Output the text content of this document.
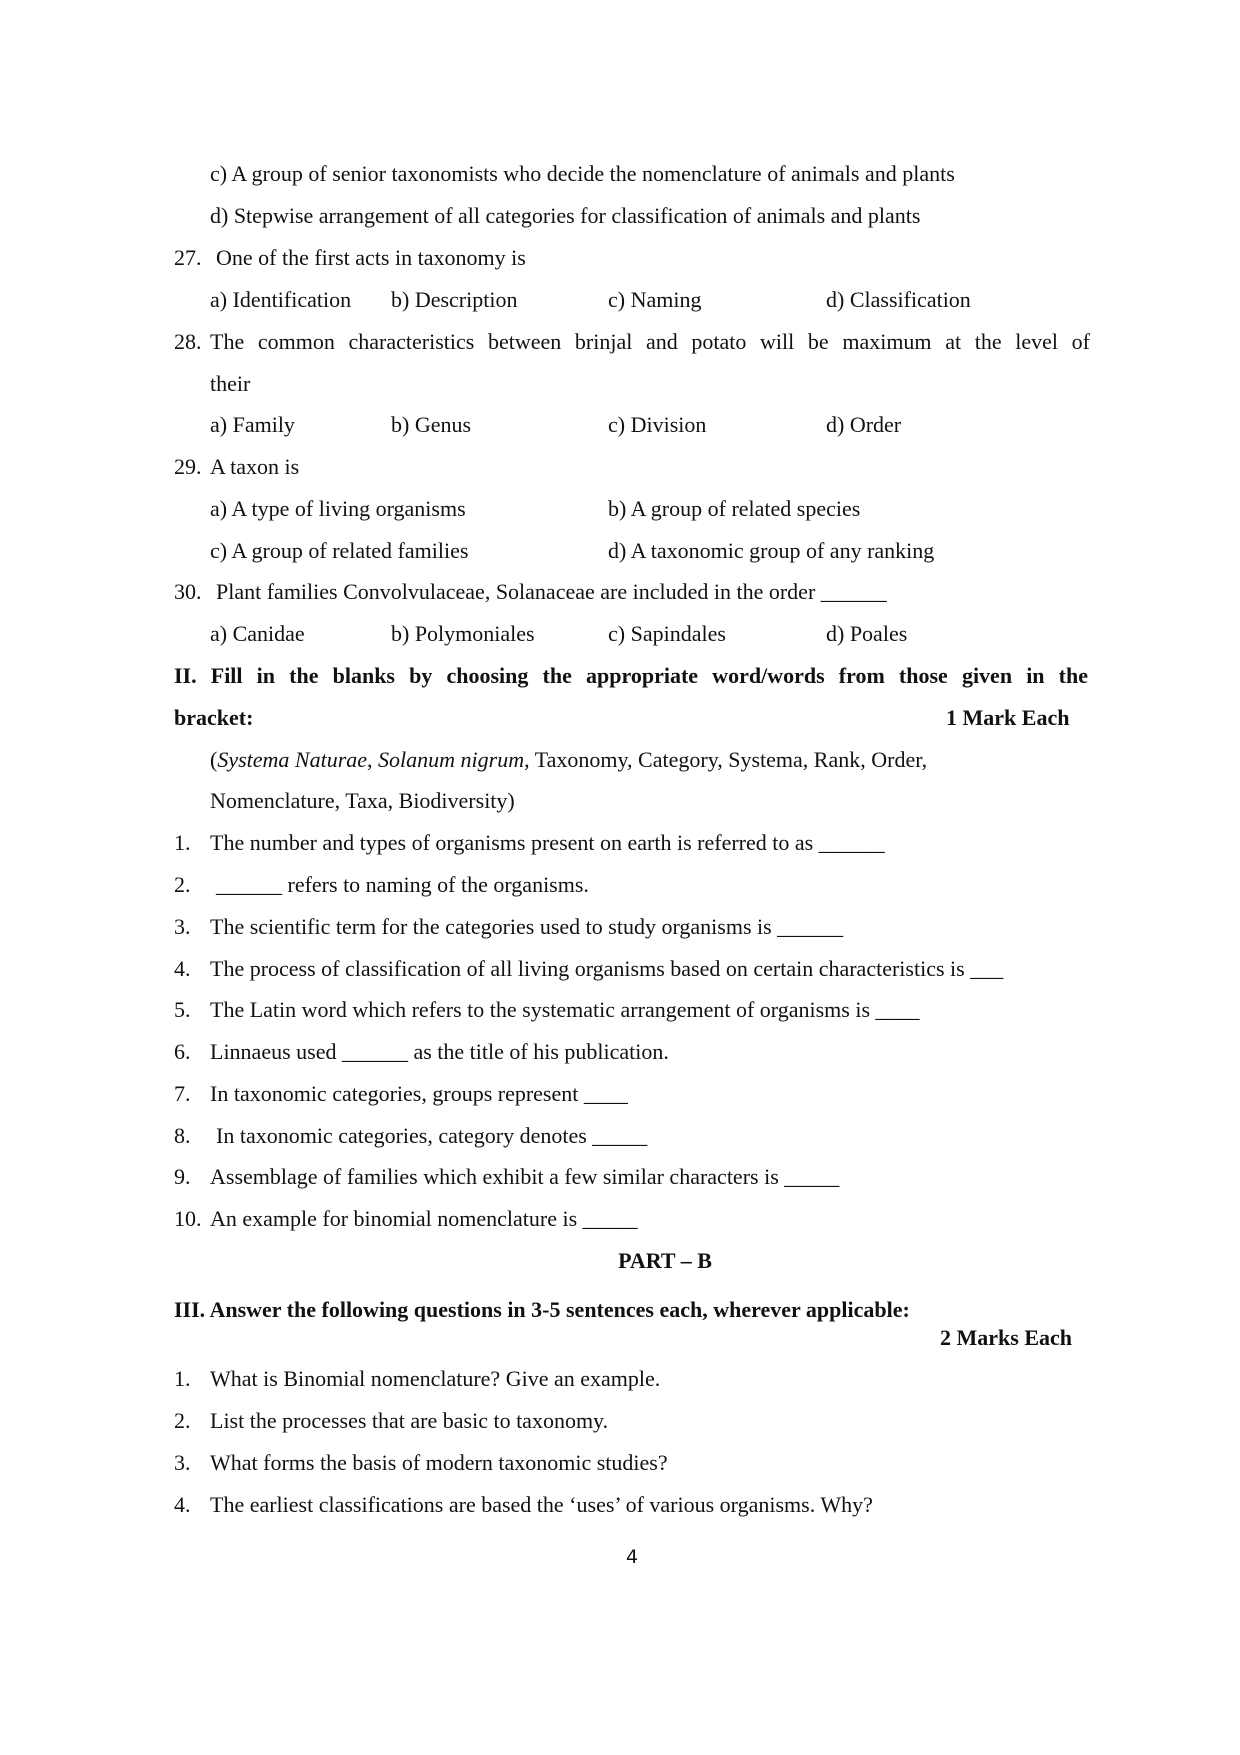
c) A group of senior taxonomists who decide the nomenclature of animals and plants
d) Stepwise arrangement of all categories for classification of animals and plants
27. One of the first acts in taxonomy is
a) Identification b) Description	c) Naming	d) Classification
28. The common characteristics between brinjal and potato will be maximum at the level of
their
a) Family	b) Genus	c) Division	d) Order
29. A taxon is
a) A type of living organisms	b) A group of related species
c) A group of related families	d) A taxonomic group of any ranking
30. Plant families Convolvulaceae, Solanaceae are included in the order ______
a) Canidae	b) Polymoniales	c) Sapindales	d) Poales
II. Fill in the blanks by choosing the appropriate word/words from those given in the
bracket:	1 Mark Each
(Systema Naturae, Solanum nigrum, Taxonomy, Category, Systema, Rank, Order,
Nomenclature, Taxa, Biodiversity)
1. The number and types of organisms present on earth is referred to as ______
2. ______ refers to naming of the organisms.
3. The scientific term for the categories used to study organisms is ______
4. The process of classification of all living organisms based on certain characteristics is ___
5. The Latin word which refers to the systematic arrangement of organisms is ____
6. Linnaeus used ______ as the title of his publication.
7. In taxonomic categories, groups represent ____
8. In taxonomic categories, category denotes _____
9. Assemblage of families which exhibit a few similar characters is _____
10. An example for binomial nomenclature is _____
PART – B
III. Answer the following questions in 3-5 sentences each, wherever applicable:
2 Marks Each
1. What is Binomial nomenclature? Give an example.
2. List the processes that are basic to taxonomy.
3. What forms the basis of modern taxonomic studies?
4. The earliest classifications are based the ‘uses’ of various organisms. Why?
4
